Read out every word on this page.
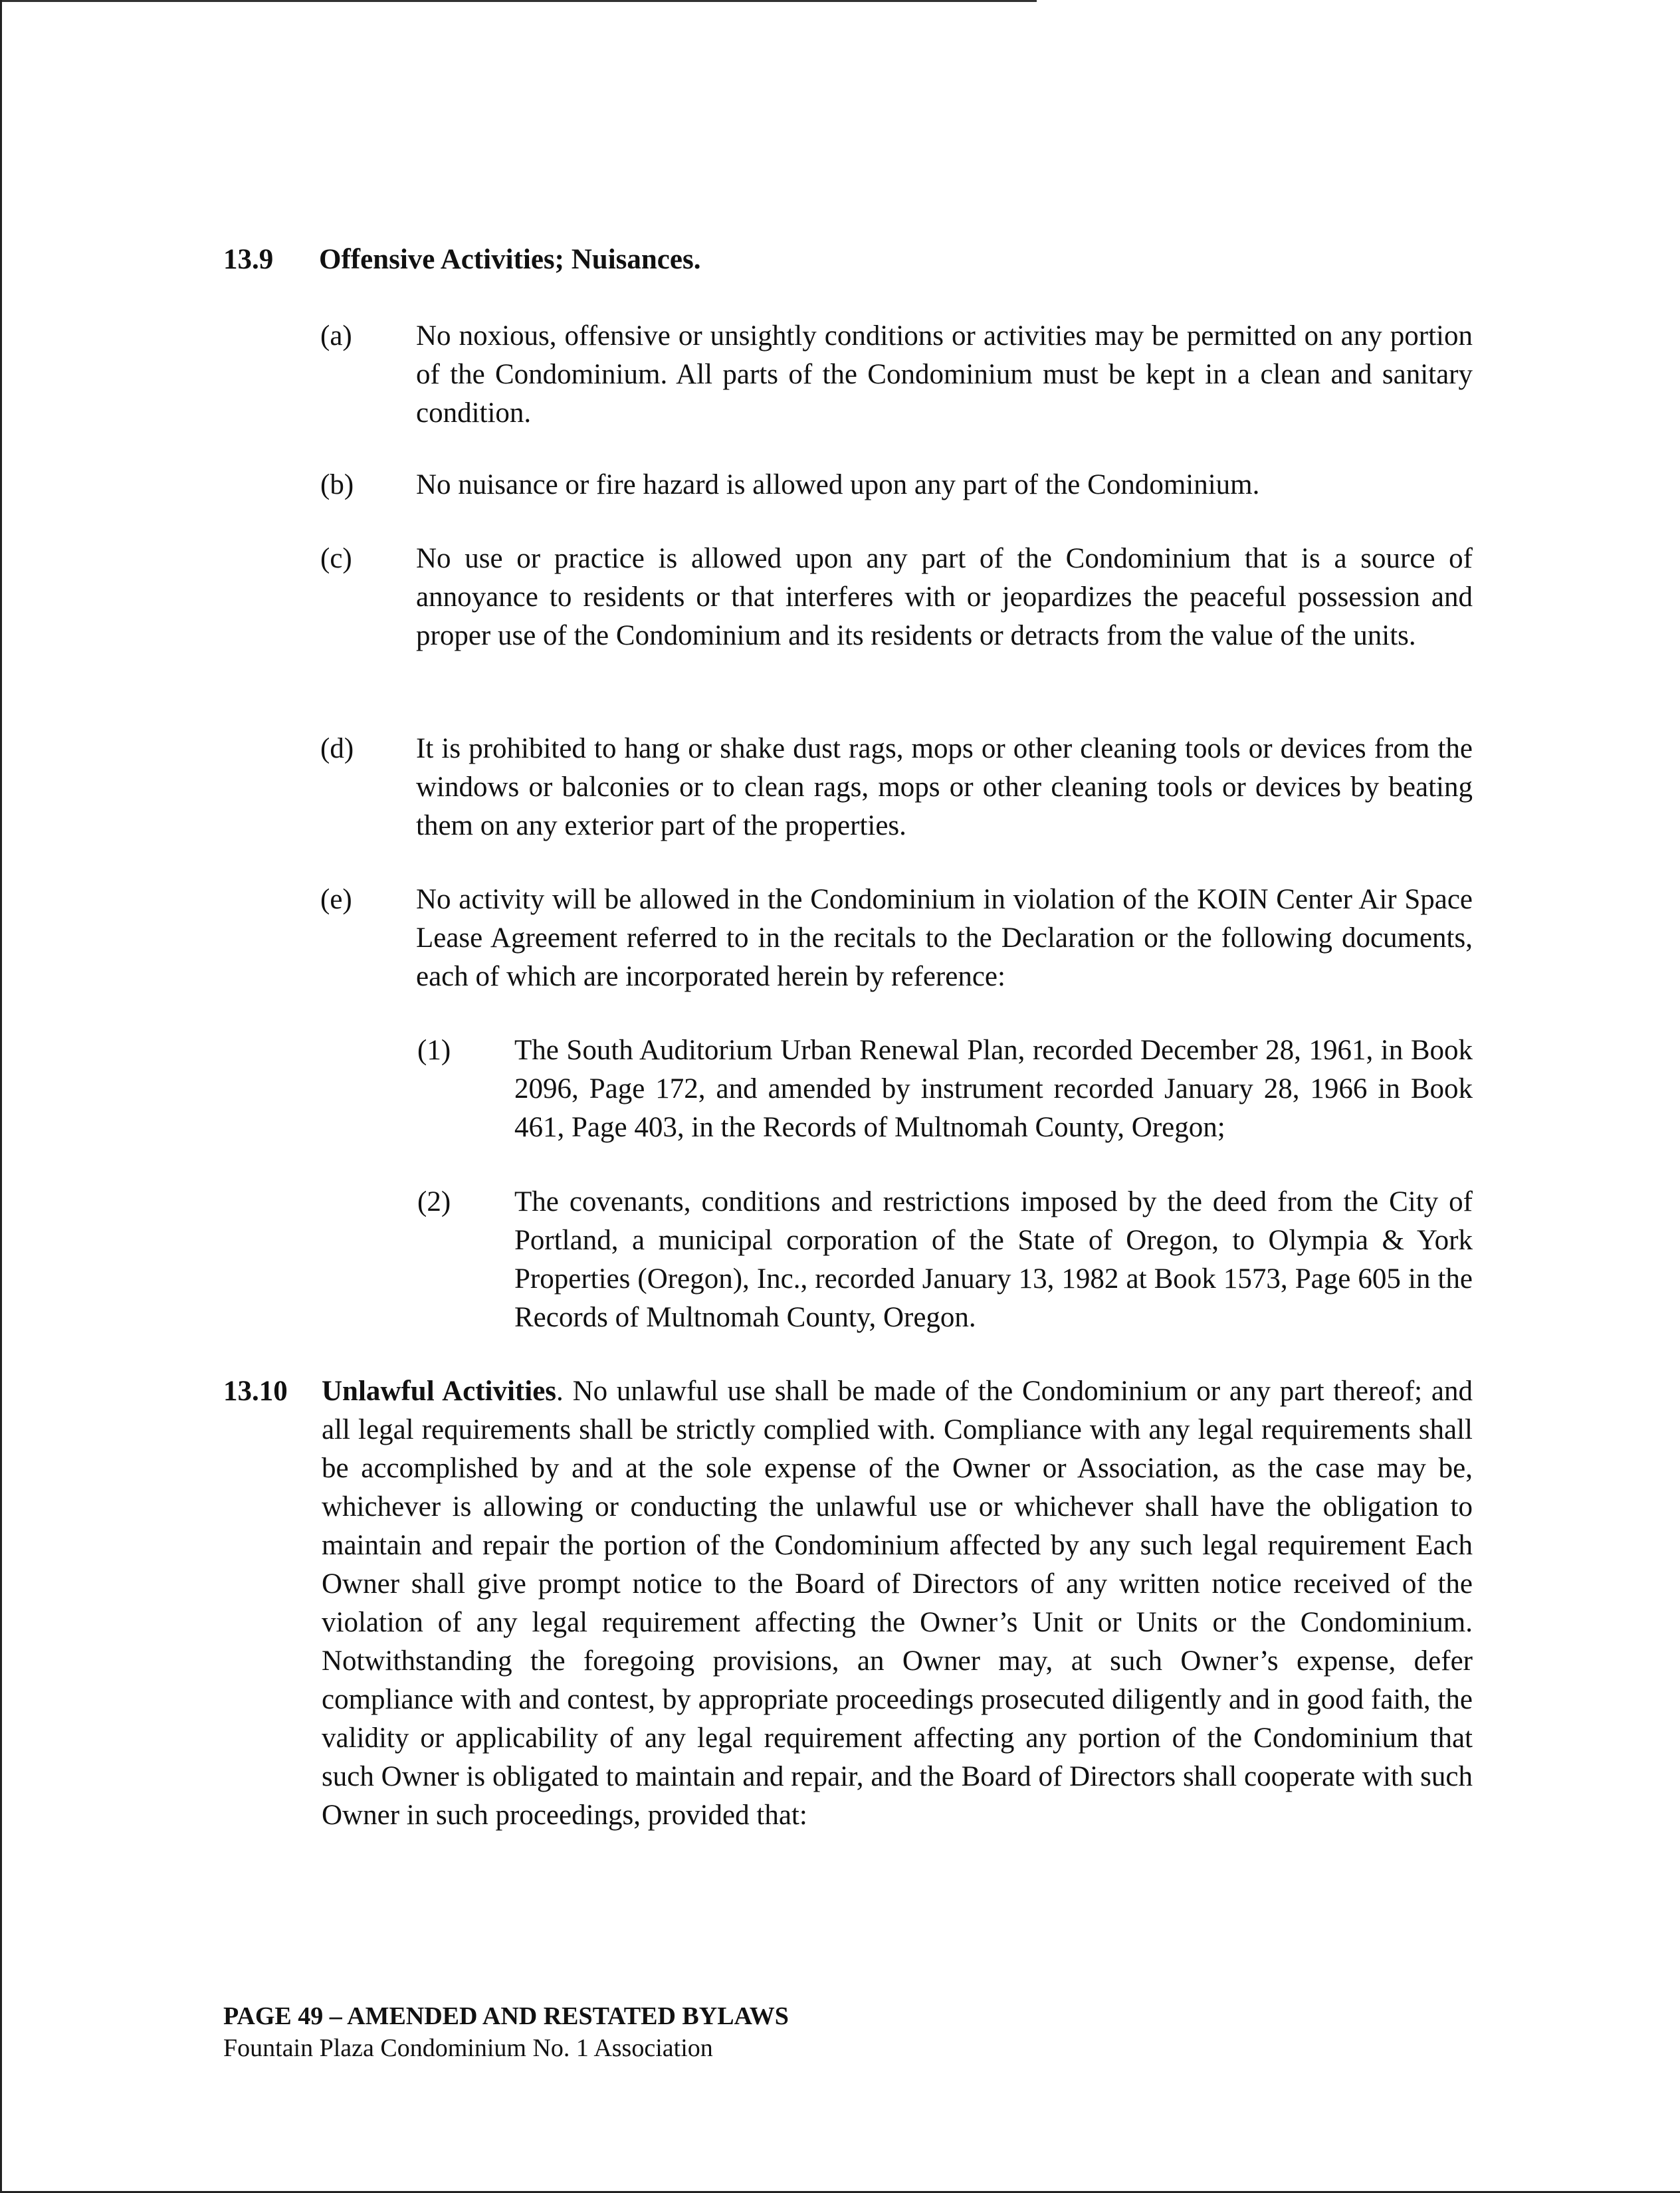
13.9 Offensive Activities; Nuisances.
(a) No noxious, offensive or unsightly conditions or activities may be permitted on any portion of the Condominium. All parts of the Condominium must be kept in a clean and sanitary condition.
(b) No nuisance or fire hazard is allowed upon any part of the Condominium.
(c) No use or practice is allowed upon any part of the Condominium that is a source of annoyance to residents or that interferes with or jeopardizes the peaceful possession and proper use of the Condominium and its residents or detracts from the value of the units.
(d) It is prohibited to hang or shake dust rags, mops or other cleaning tools or devices from the windows or balconies or to clean rags, mops or other cleaning tools or devices by beating them on any exterior part of the properties.
(e) No activity will be allowed in the Condominium in violation of the KOIN Center Air Space Lease Agreement referred to in the recitals to the Declaration or the following documents, each of which are incorporated herein by reference:
(1) The South Auditorium Urban Renewal Plan, recorded December 28, 1961, in Book 2096, Page 172, and amended by instrument recorded January 28, 1966 in Book 461, Page 403, in the Records of Multnomah County, Oregon;
(2) The covenants, conditions and restrictions imposed by the deed from the City of Portland, a municipal corporation of the State of Oregon, to Olympia & York Properties (Oregon), Inc., recorded January 13, 1982 at Book 1573, Page 605 in the Records of Multnomah County, Oregon.
13.10 Unlawful Activities. No unlawful use shall be made of the Condominium or any part thereof; and all legal requirements shall be strictly complied with. Compliance with any legal requirements shall be accomplished by and at the sole expense of the Owner or Association, as the case may be, whichever is allowing or conducting the unlawful use or whichever shall have the obligation to maintain and repair the portion of the Condominium affected by any such legal requirement Each Owner shall give prompt notice to the Board of Directors of any written notice received of the violation of any legal requirement affecting the Owner’s Unit or Units or the Condominium. Notwithstanding the foregoing provisions, an Owner may, at such Owner’s expense, defer compliance with and contest, by appropriate proceedings prosecuted diligently and in good faith, the validity or applicability of any legal requirement affecting any portion of the Condominium that such Owner is obligated to maintain and repair, and the Board of Directors shall cooperate with such Owner in such proceedings, provided that:
PAGE 49 – AMENDED AND RESTATED BYLAWS
Fountain Plaza Condominium No. 1 Association
